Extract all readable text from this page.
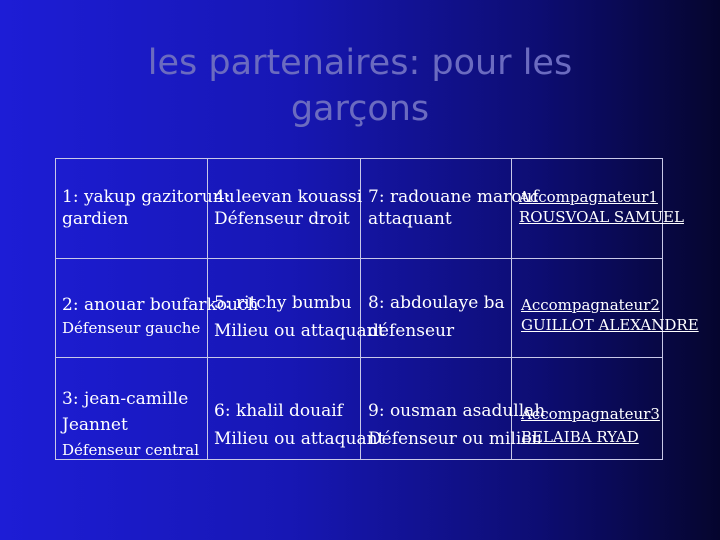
les partenaires: pour les
garçons
1: yakup gazitorunu
gardien
4: leevan kouassi
Défenseur droit
7: radouane marouf
attaquant
Accompagnateur1
ROUSVOAL SAMUEL
2: anouar boufarkouch
Défenseur gauche
5: ritchy bumbu
Milieu ou attaquant
8: abdoulaye ba
défenseur
Accompagnateur2
GUILLOT ALEXANDRE
3: jean-camille
Jeannet
Défenseur central
6: khalil douaif
Milieu ou attaquant
9: ousman asadullah
Défenseur ou milieu
Accompagnateur3
BELAIBA RYAD
